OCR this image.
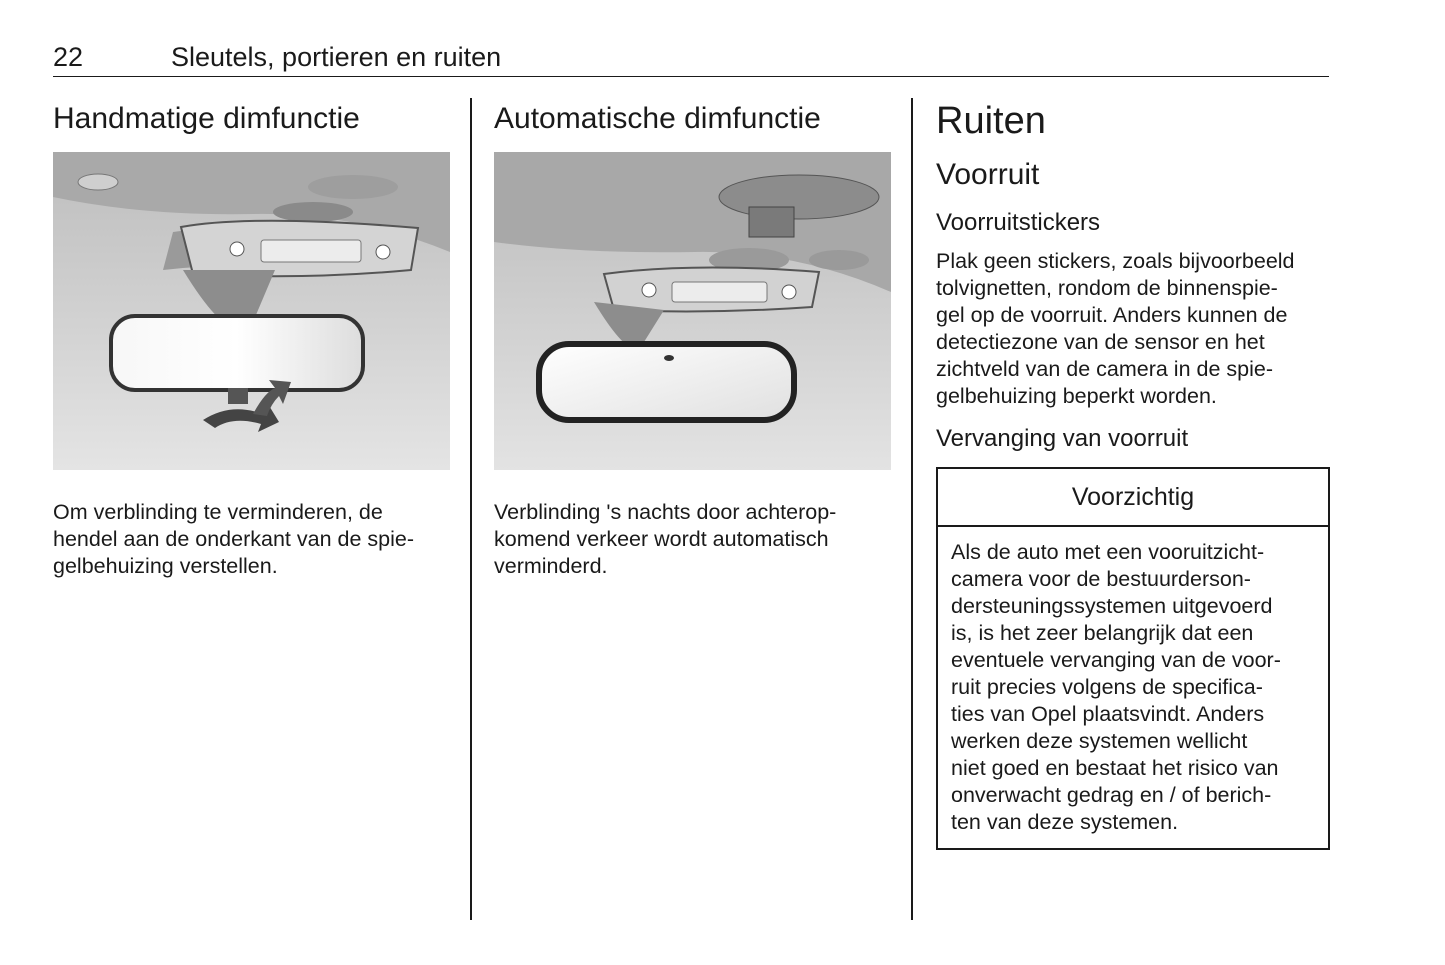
22	Sleutels, portieren en ruiten
Handmatige dimfunctie

Om verblinding te verminderen, de
hendel aan de onderkant van de spie-
gelbehuizing verstellen.

Automatische dimfunctie

Verblinding 's nachts door achterop-
komend verkeer wordt automatisch
verminderd.

Ruiten
Voorruit
Voorruitstickers

Plak geen stickers, zoals bijvoorbeeld
tolvignetten, rondom de binnenspie-
gel op de voorruit. Anders kunnen de
detectiezone van de sensor en het
zichtveld van de camera in de spie-
gelbehuizing beperkt worden.

Vervanging van voorruit
Voorzichtig
Als de auto met een vooruitzicht-
camera voor de bestuurderson-
dersteuningssystemen uitgevoerd
is, is het zeer belangrijk dat een
eventuele vervanging van de voor-
ruit precies volgens de specifica-
ties van Opel plaatsvindt. Anders
werken deze systemen wellicht
niet goed en bestaat het risico van
onverwacht gedrag en / of berich-
ten van deze systemen.
